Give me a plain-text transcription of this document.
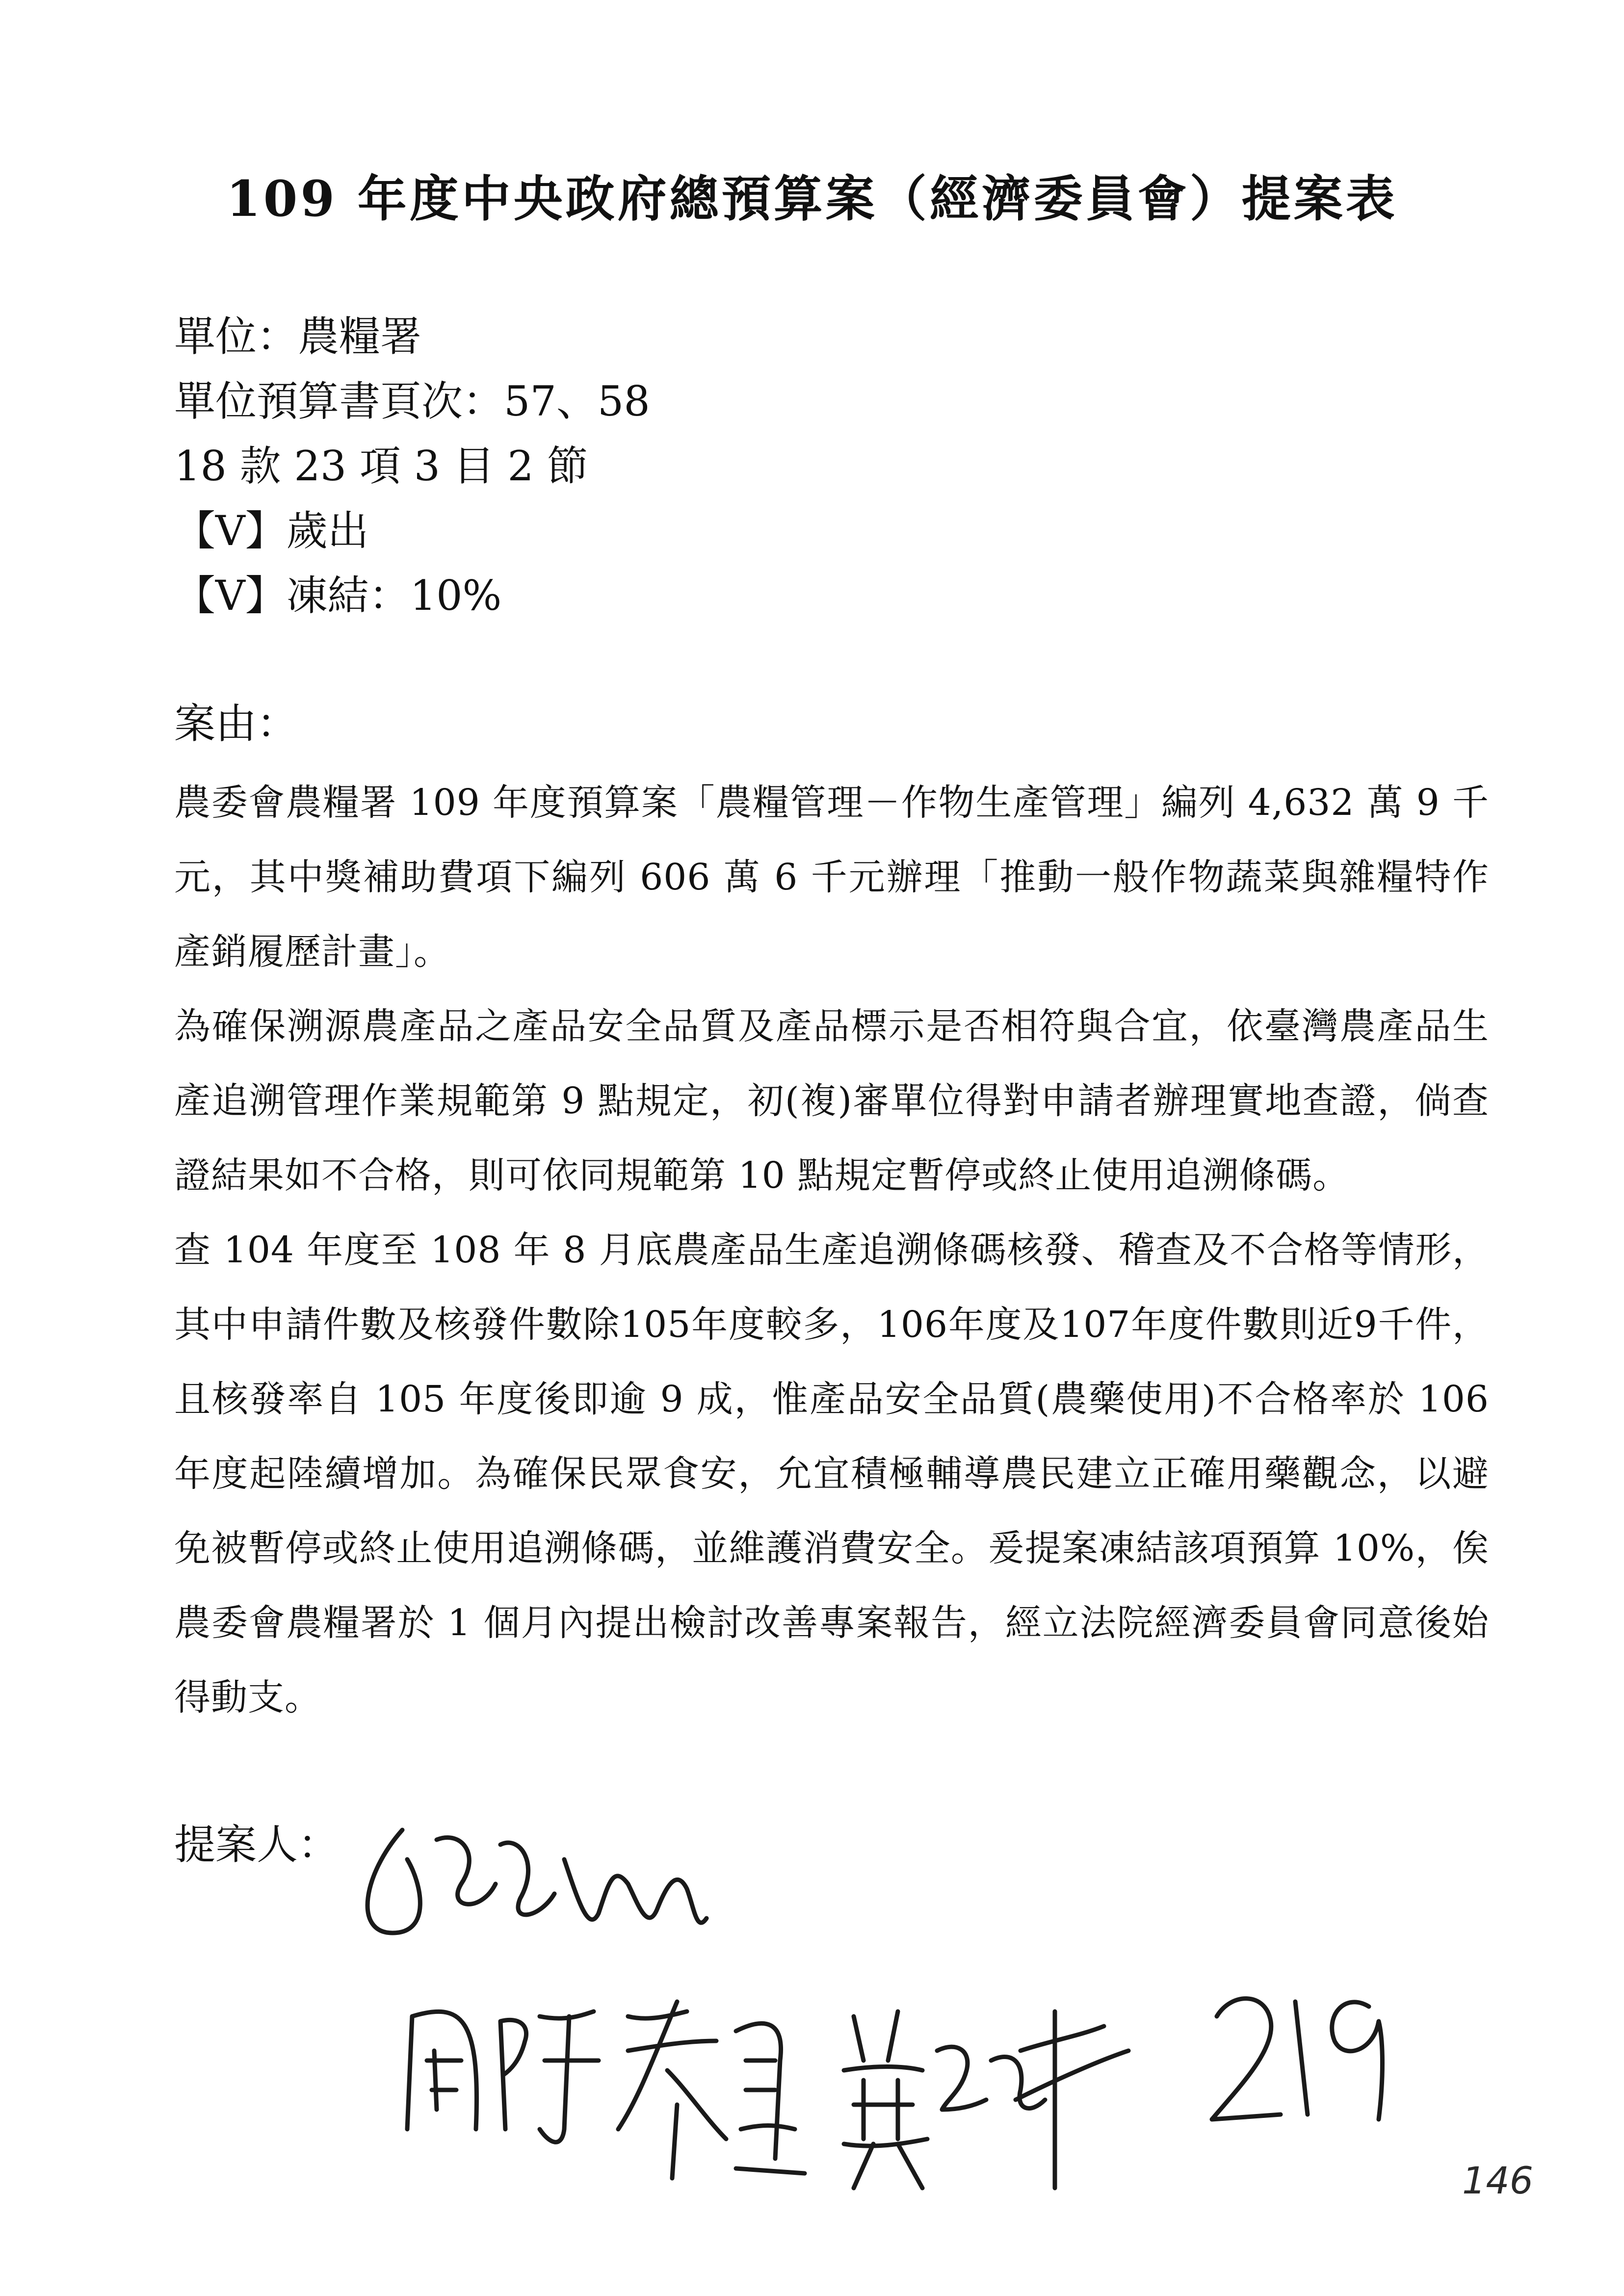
109 年度中央政府總預算案（經濟委員會）提案表
單位：農糧署
單位預算書頁次：57、58
18 款 23 項 3 目 2 節
【V】歲出
【V】凍結：10%
案由：
農委會農糧署 109 年度預算案「農糧管理－作物生產管理」編列 4,632 萬 9 千元，其中獎補助費項下編列 606 萬 6 千元辦理「推動一般作物蔬菜與雜糧特作產銷履歷計畫」。
為確保溯源農產品之產品安全品質及產品標示是否相符與合宜，依臺灣農產品生產追溯管理作業規範第 9 點規定，初(複)審單位得對申請者辦理實地查證，倘查證結果如不合格，則可依同規範第 10 點規定暫停或終止使用追溯條碼。
查 104 年度至 108 年 8 月底農產品生產追溯條碼核發、稽查及不合格等情形，其中申請件數及核發件數除105年度較多，106年度及107年度件數則近9千件，且核發率自 105 年度後即逾 9 成，惟產品安全品質(農藥使用)不合格率於 106 年度起陸續增加。為確保民眾食安，允宜積極輔導農民建立正確用藥觀念，以避免被暫停或終止使用追溯條碼，並維護消費安全。爰提案凍結該項預算 10%，俟農委會農糧署於 1 個月內提出檢討改善專案報告，經立法院經濟委員會同意後始得動支。
提案人：
146
